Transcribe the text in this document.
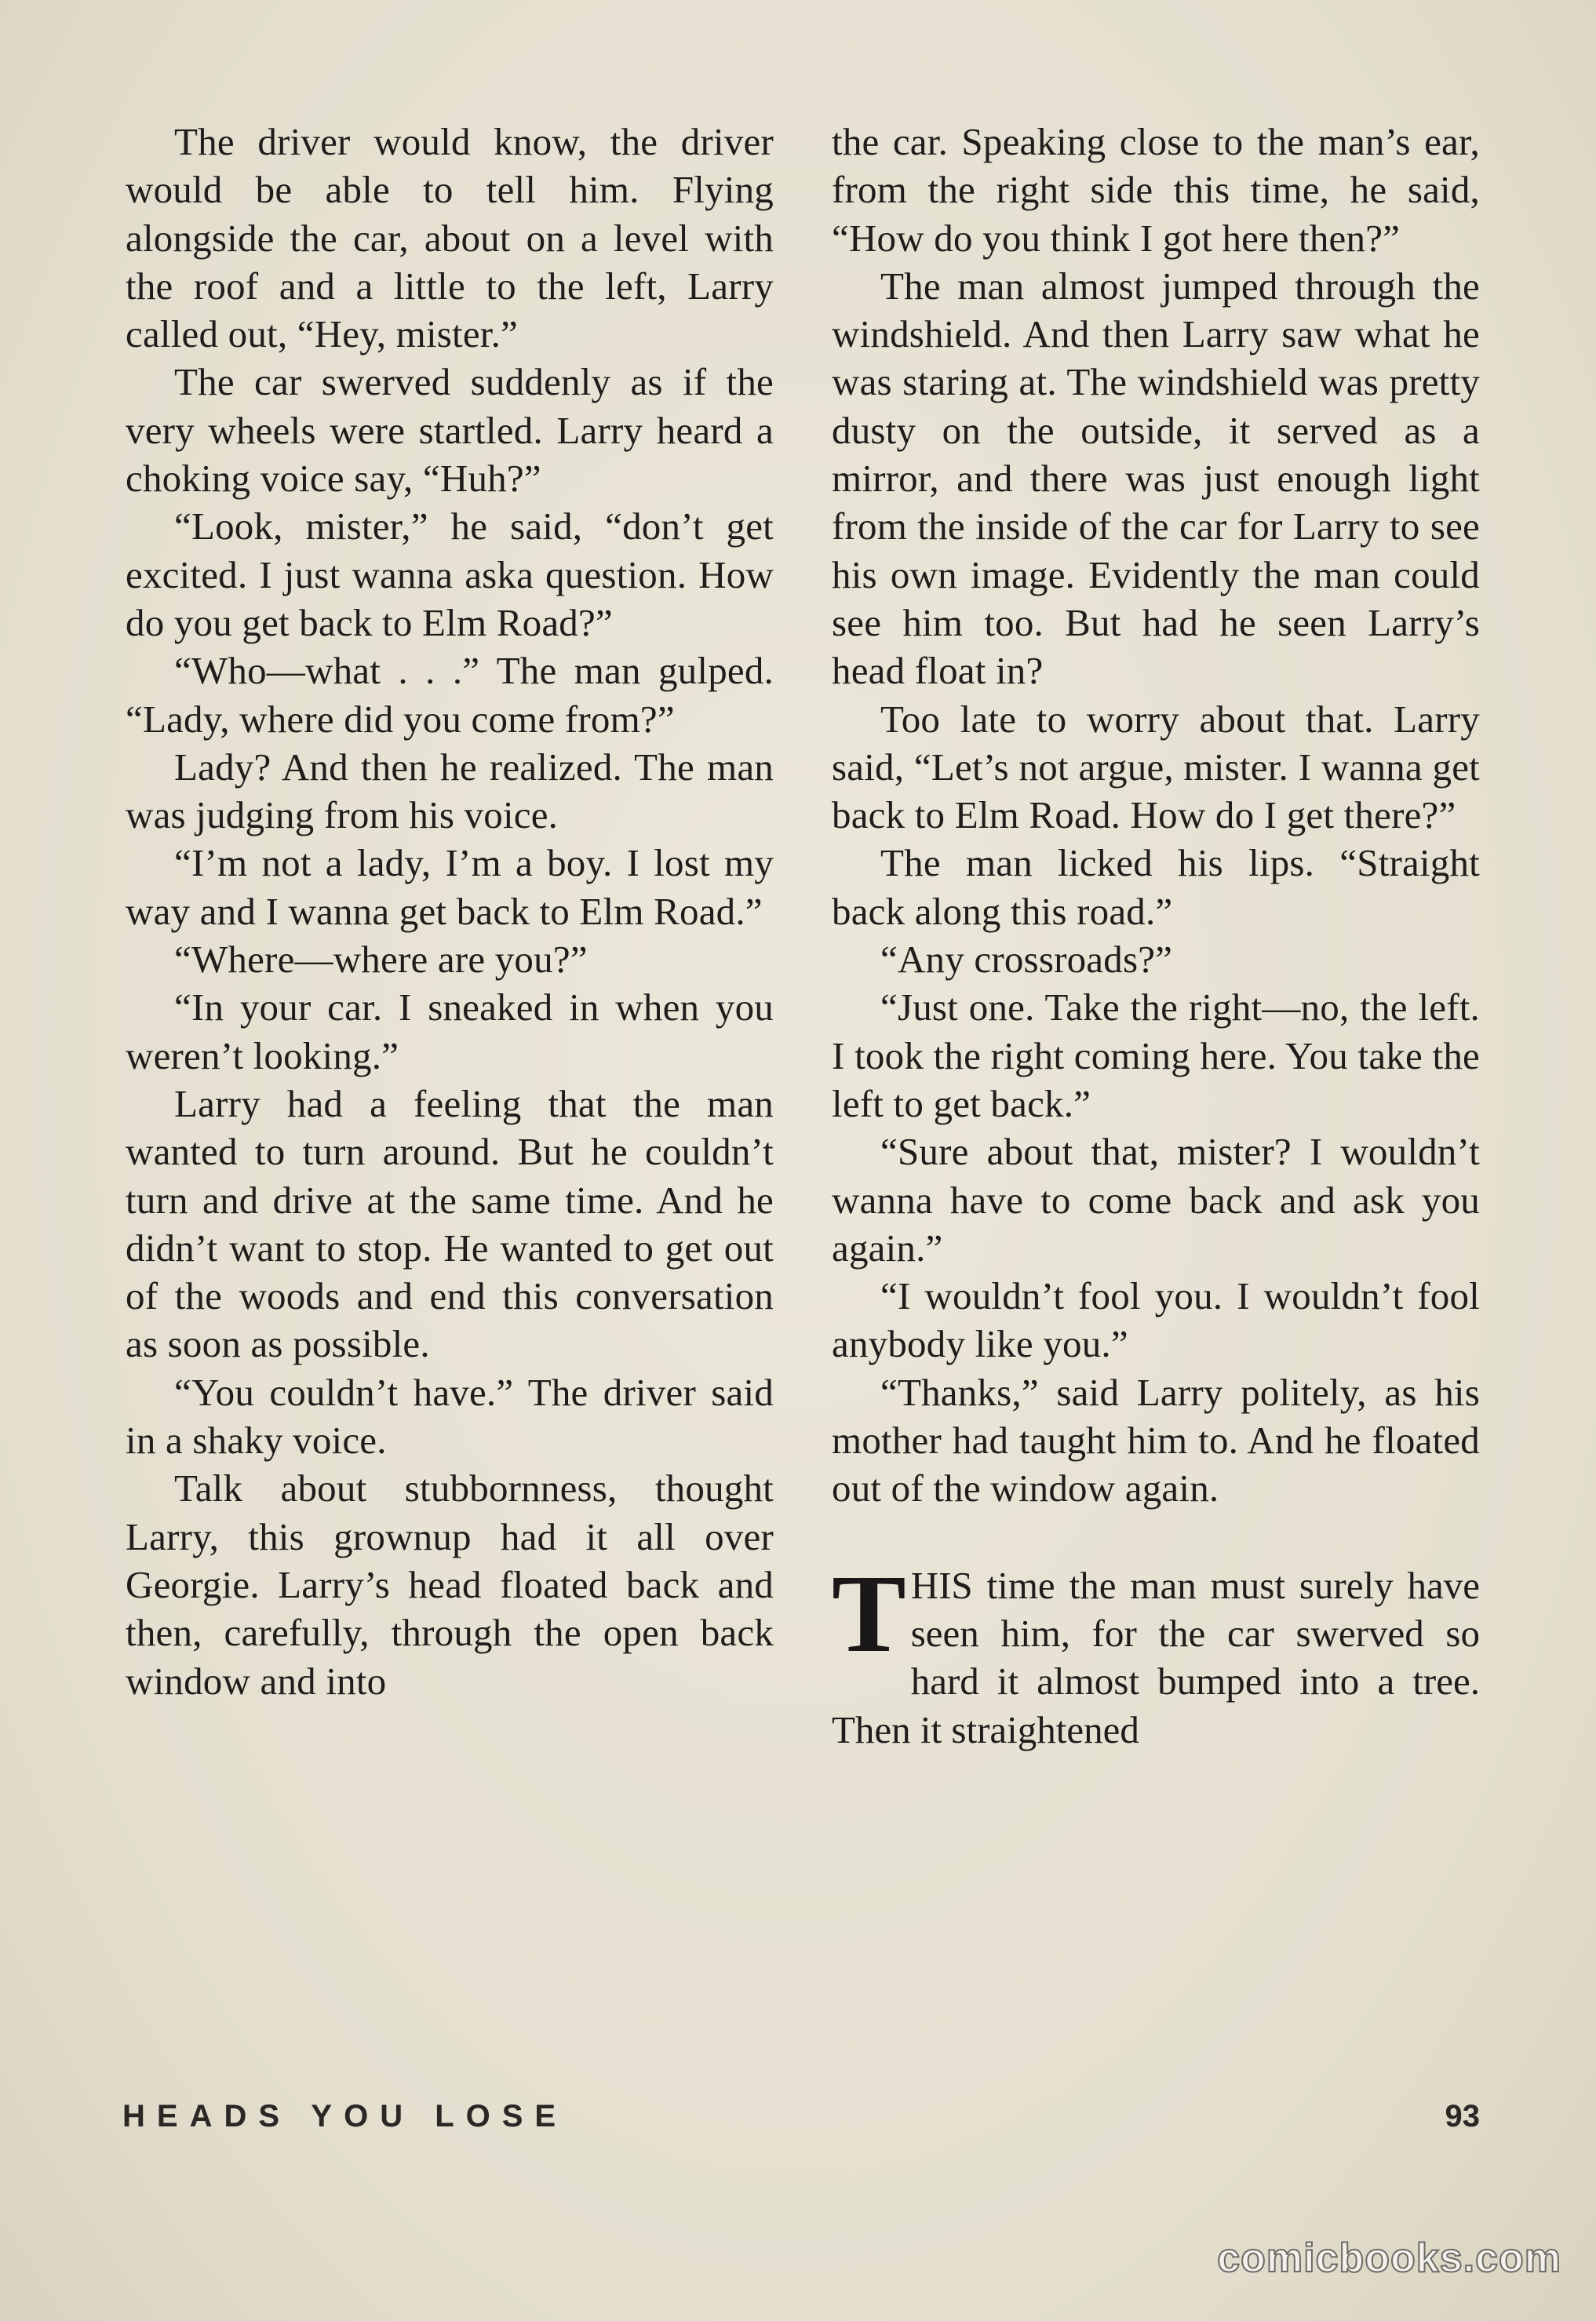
The driver would know, the driver would be able to tell him. Flying alongside the car, about on a level with the roof and a little to the left, Larry called out, “Hey, mister.”

The car swerved suddenly as if the very wheels were startled. Larry heard a choking voice say, “Huh?”

“Look, mister,” he said, “don’t get excited. I just wanna aska question. How do you get back to Elm Road?”

“Who—what . . .” The man gulped. “Lady, where did you come from?”

Lady? And then he realized. The man was judging from his voice.

“I’m not a lady, I’m a boy. I lost my way and I wanna get back to Elm Road.”

“Where—where are you?”

“In your car. I sneaked in when you weren’t looking.”

Larry had a feeling that the man wanted to turn around. But he couldn’t turn and drive at the same time. And he didn’t want to stop. He wanted to get out of the woods and end this conversation as soon as possible.

“You couldn’t have.” The driver said in a shaky voice.

Talk about stubbornness, thought Larry, this grownup had it all over Georgie. Larry’s head floated back and then, carefully, through the open back window and into

the car. Speaking close to the man’s ear, from the right side this time, he said, “How do you think I got here then?”

The man almost jumped through the windshield. And then Larry saw what he was staring at. The windshield was pretty dusty on the outside, it served as a mirror, and there was just enough light from the inside of the car for Larry to see his own image. Evidently the man could see him too. But had he seen Larry’s head float in?

Too late to worry about that. Larry said, “Let’s not argue, mister. I wanna get back to Elm Road. How do I get there?”

The man licked his lips. “Straight back along this road.”

“Any crossroads?”

“Just one. Take the right—no, the left. I took the right coming here. You take the left to get back.”

“Sure about that, mister? I wouldn’t wanna have to come back and ask you again.”

“I wouldn’t fool you. I wouldn’t fool anybody like you.”

“Thanks,” said Larry politely, as his mother had taught him to. And he floated out of the window again.

THIS time the man must surely have seen him, for the car swerved so hard it almost bumped into a tree. Then it straightened

HEADS YOU LOSE	93
comicbooks.com
